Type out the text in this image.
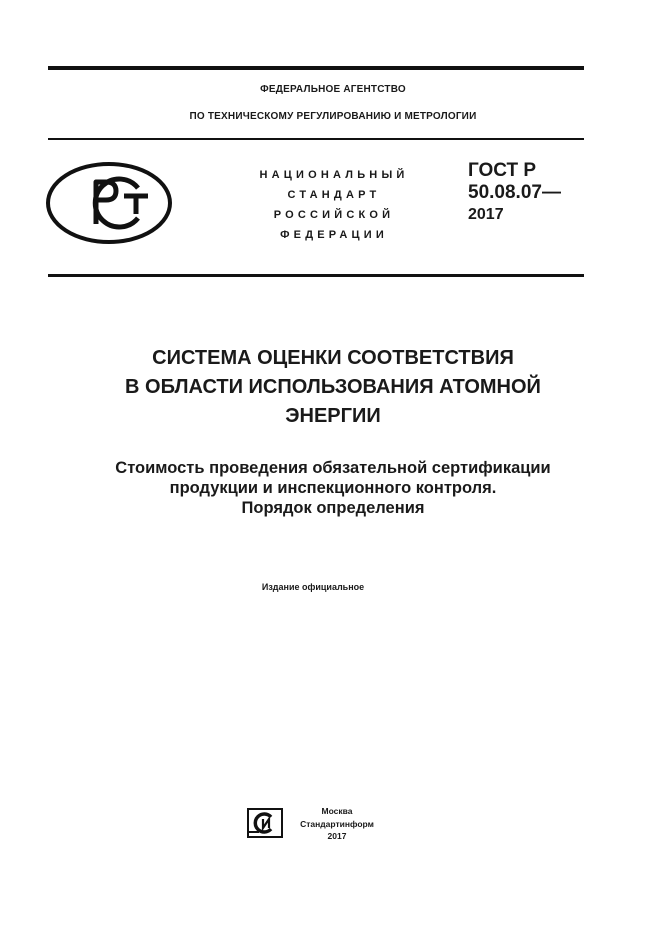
ФЕДЕРАЛЬНОЕ АГЕНТСТВО
ПО ТЕХНИЧЕСКОМУ РЕГУЛИРОВАНИЮ И МЕТРОЛОГИИ
НАЦИОНАЛЬНЫЙ
СТАНДАРТ
РОССИЙСКОЙ
ФЕДЕРАЦИИ
ГОСТ Р
50.08.07—
2017
СИСТЕМА ОЦЕНКИ СООТВЕТСТВИЯ
В ОБЛАСТИ ИСПОЛЬЗОВАНИЯ АТОМНОЙ
ЭНЕРГИИ
Стоимость проведения обязательной сертификации
продукции и инспекционного контроля.
Порядок определения
Издание официальное
Москва
Стандартинформ
2017
